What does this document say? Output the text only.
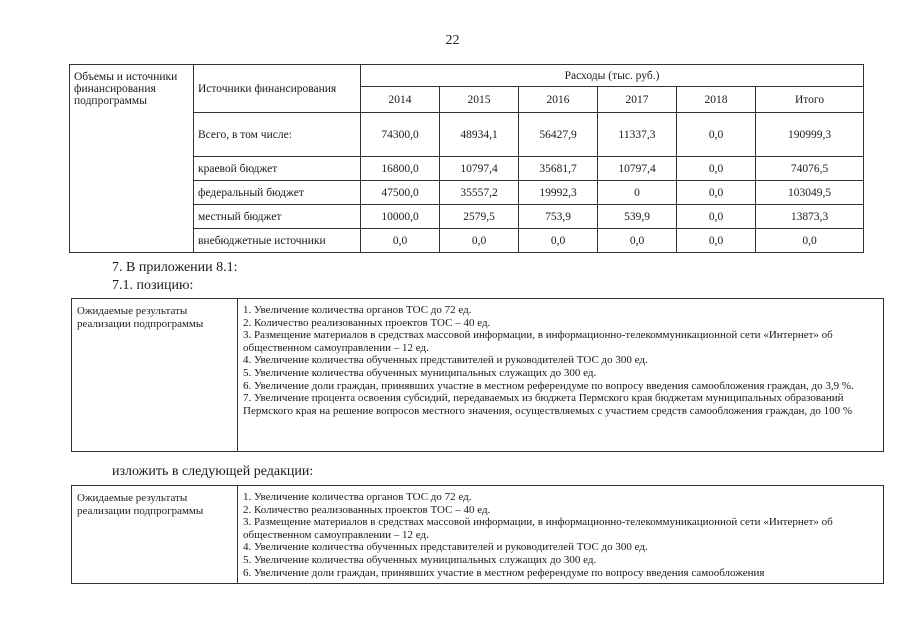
22
Объемы и источники финансирования подпрограммы	Источники финансирования	Расходы (тыс. руб.)					
		2014	2015	2016	2017	2018	Итого
	Всего, в том числе:	74300,0	48934,1	56427,9	11337,3	0,0	190999,3
	краевой бюджет	16800,0	10797,4	35681,7	10797,4	0,0	74076,5
	федеральный бюджет	47500,0	35557,2	19992,3	0	0,0	103049,5
	местный бюджет	10000,0	2579,5	753,9	539,9	0,0	13873,3
	внебюджетные источники	0,0	0,0	0,0	0,0	0,0	0,0
7. В приложении 8.1:
7.1. позицию:
Ожидаемые результаты реализации подпрограммы
1. Увеличение количества органов ТОС до 72 ед.
2. Количество реализованных проектов ТОС – 40 ед.
3. Размещение материалов в средствах массовой информации, в информационно-телекоммуникационной сети «Интернет» об общественном самоуправлении – 12 ед.
4. Увеличение количества обученных представителей и руководителей ТОС до 300 ед.
5. Увеличение количества обученных муниципальных служащих до 300 ед.
6. Увеличение доли граждан, принявших участие в местном референдуме по вопросу введения самообложения граждан, до 3,9 %.
7. Увеличение процента освоения субсидий, передаваемых из бюджета Пермского края бюджетам муниципальных образований Пермского края на решение вопросов местного значения, осуществляемых с участием средств самообложения граждан, до 100 %
изложить в следующей редакции:
Ожидаемые результаты реализации подпрограммы
1. Увеличение количества органов ТОС до 72 ед.
2. Количество реализованных проектов ТОС – 40 ед.
3. Размещение материалов в средствах массовой информации, в информационно-телекоммуникационной сети «Интернет» об общественном самоуправлении – 12 ед.
4. Увеличение количества обученных представителей и руководителей ТОС до 300 ед.
5. Увеличение количества обученных муниципальных служащих до 300 ед.
6. Увеличение доли граждан, принявших участие в местном референдуме по вопросу введения самообложения
